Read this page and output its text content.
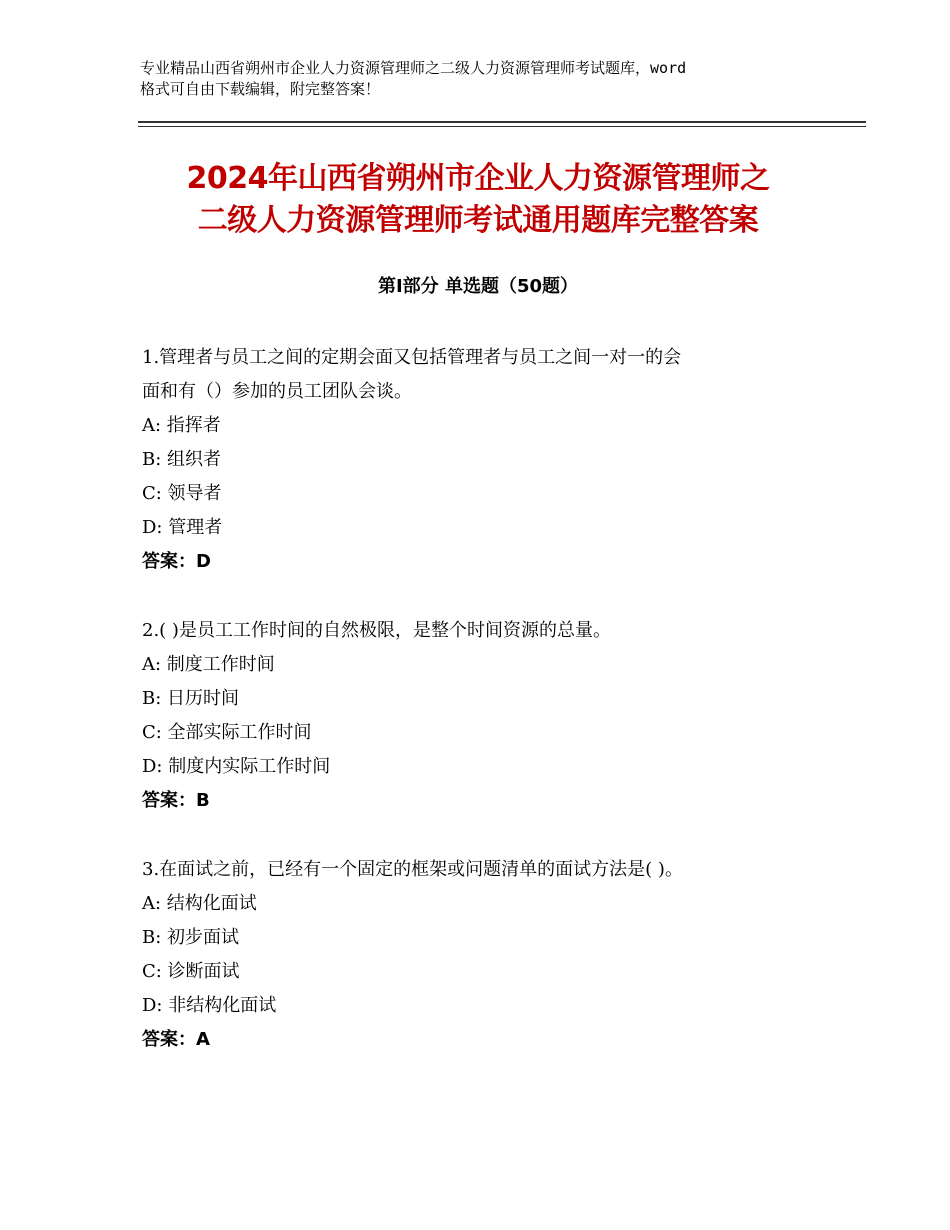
专业精品山西省朔州市企业人力资源管理师之二级人力资源管理师考试题库，word
格式可自由下载编辑，附完整答案！
2024年山西省朔州市企业人力资源管理师之
二级人力资源管理师考试通用题库完整答案
第Ⅰ部分 单选题（50题）
1.管理者与员工之间的定期会面又包括管理者与员工之间一对一的会
面和有（）参加的员工团队会谈。
A: 指挥者
B: 组织者
C: 领导者
D: 管理者
答案：D
2.( )是员工工作时间的自然极限，是整个时间资源的总量。
A: 制度工作时间
B: 日历时间
C: 全部实际工作时间
D: 制度内实际工作时间
答案：B
3.在面试之前，已经有一个固定的框架或问题清单的面试方法是( )。
A: 结构化面试
B: 初步面试
C: 诊断面试
D: 非结构化面试
答案：A
